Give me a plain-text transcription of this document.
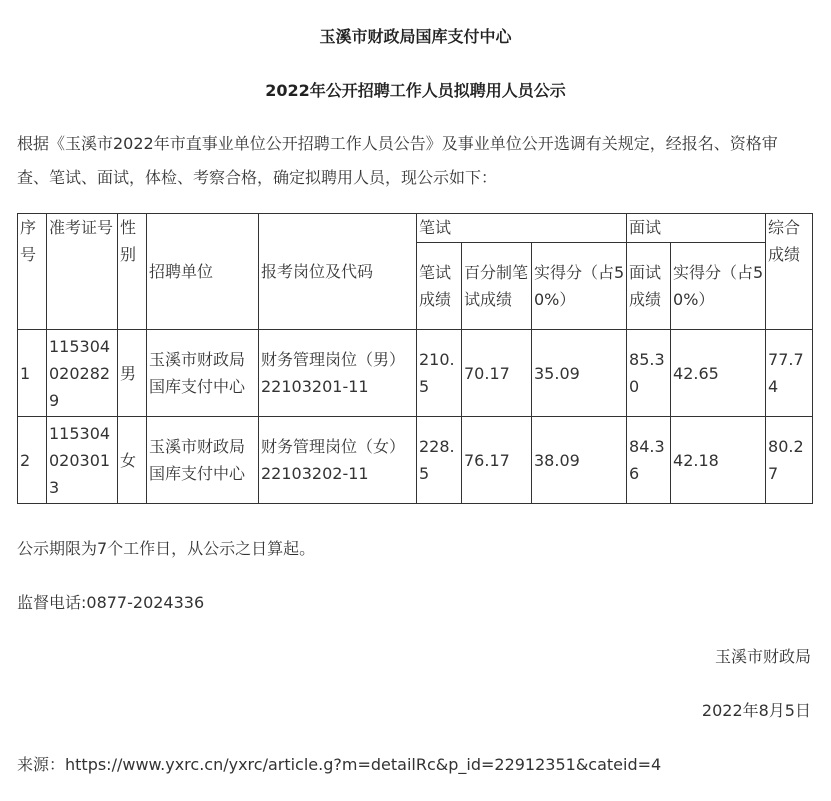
玉溪市财政局国库支付中心

2022年公开招聘工作人员拟聘用人员公示

根据《玉溪市2022年市直事业单位公开招聘工作人员公告》及事业单位公开选调有关规定，经报名、资格审查、笔试、面试，体检、考察合格，确定拟聘用人员，现公示如下：

序号	准考证号	性别	招聘单位	报考岗位及代码	笔试			面试		综合成绩
					笔试成绩	百分制笔试成绩	实得分（占50%）	面试成绩	实得分（占50%）	
1	1153040202829	男	玉溪市财政局国库支付中心	财务管理岗位（男） 22103201-11	210.5	70.17	35.09	85.30	42.65	77.74
2	1153040203013	女	玉溪市财政局国库支付中心	财务管理岗位（女）22103202-11	228.5	76.17	38.09	84.36	42.18	80.27

公示期限为7个工作日，从公示之日算起。

监督电话:0877-2024336

玉溪市财政局

2022年8月5日

来源：https://www.yxrc.cn/yxrc/article.g?m=detailRc&p_id=22912351&cateid=4
